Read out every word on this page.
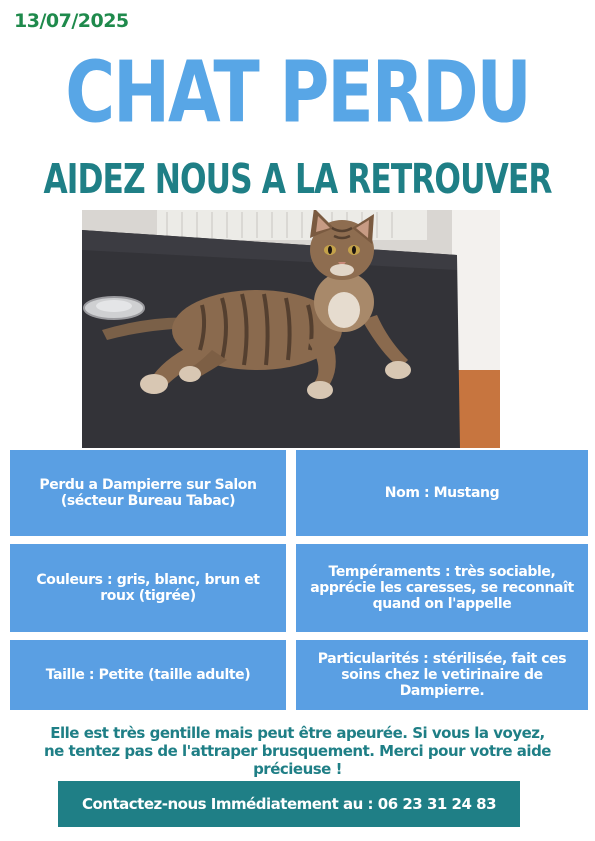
13/07/2025
CHAT PERDU
AIDEZ NOUS A LA RETROUVER
Perdu a Dampierre sur Salon (sécteur Bureau Tabac)	Nom : Mustang
Couleurs : gris, blanc, brun et roux (tigrée)
Tempéraments : très sociable, apprécie les caresses, se reconnaît quand on l'appelle
Taille : Petite (taille adulte)
Particularités : stérilisée, fait ces soins chez le vetirinaire de Dampierre.
Elle est très gentille mais peut être apeurée. Si vous la voyez, ne tentez pas de l'attraper brusquement. Merci pour votre aide précieuse !
Contactez-nous Immédiatement au : 06 23 31 24 83
